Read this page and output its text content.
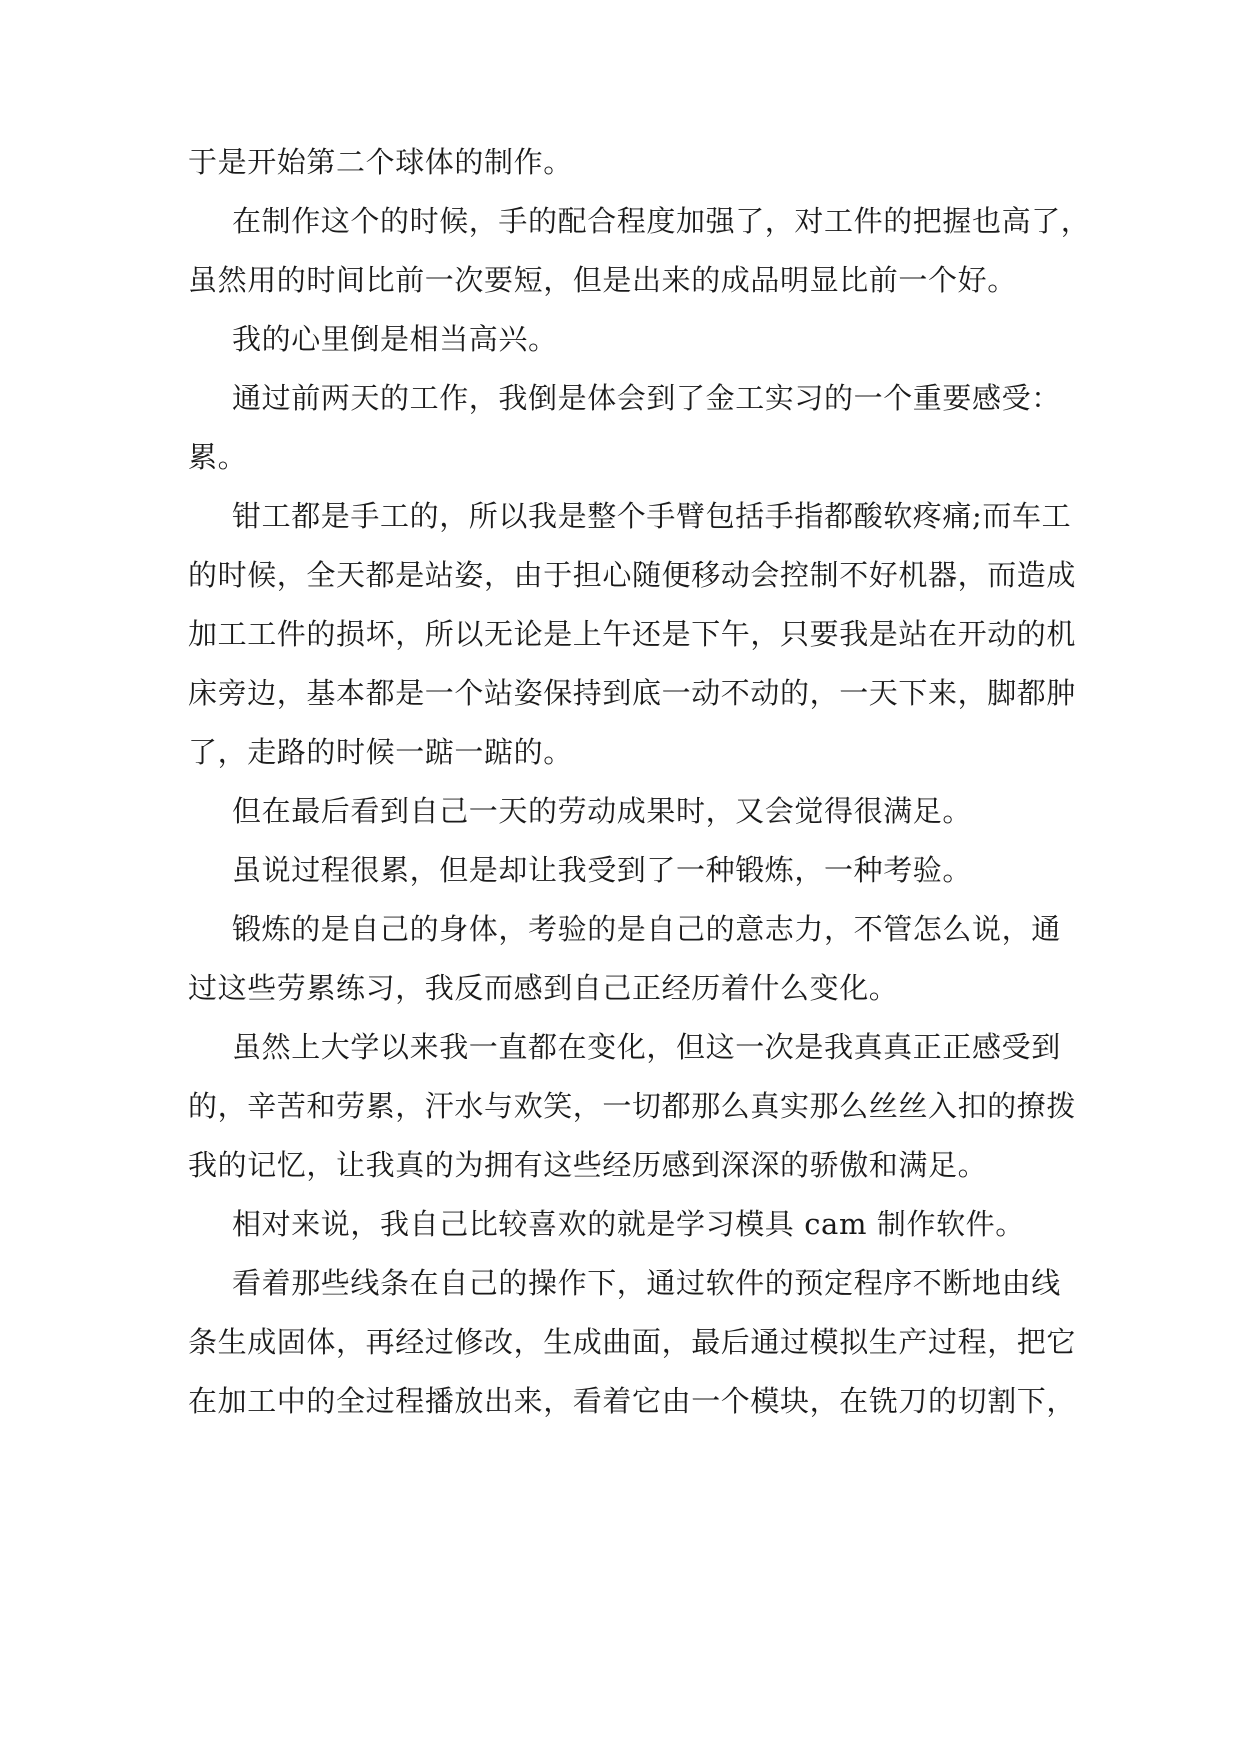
于是开始第二个球体的制作。
在制作这个的时候，手的配合程度加强了，对工件的把握也高了，
虽然用的时间比前一次要短，但是出来的成品明显比前一个好。
我的心里倒是相当高兴。
通过前两天的工作，我倒是体会到了金工实习的一个重要感受：
累。
钳工都是手工的，所以我是整个手臂包括手指都酸软疼痛;而车工
的时候，全天都是站姿，由于担心随便移动会控制不好机器，而造成
加工工件的损坏，所以无论是上午还是下午，只要我是站在开动的机
床旁边，基本都是一个站姿保持到底一动不动的，一天下来，脚都肿
了，走路的时候一踮一踮的。
但在最后看到自己一天的劳动成果时，又会觉得很满足。
虽说过程很累，但是却让我受到了一种锻炼，一种考验。
锻炼的是自己的身体，考验的是自己的意志力，不管怎么说，通
过这些劳累练习，我反而感到自己正经历着什么变化。
虽然上大学以来我一直都在变化，但这一次是我真真正正感受到
的，辛苦和劳累，汗水与欢笑，一切都那么真实那么丝丝入扣的撩拨
我的记忆，让我真的为拥有这些经历感到深深的骄傲和满足。
相对来说，我自己比较喜欢的就是学习模具 cam 制作软件。
看着那些线条在自己的操作下，通过软件的预定程序不断地由线
条生成固体，再经过修改，生成曲面，最后通过模拟生产过程，把它
在加工中的全过程播放出来，看着它由一个模块，在铣刀的切割下，
